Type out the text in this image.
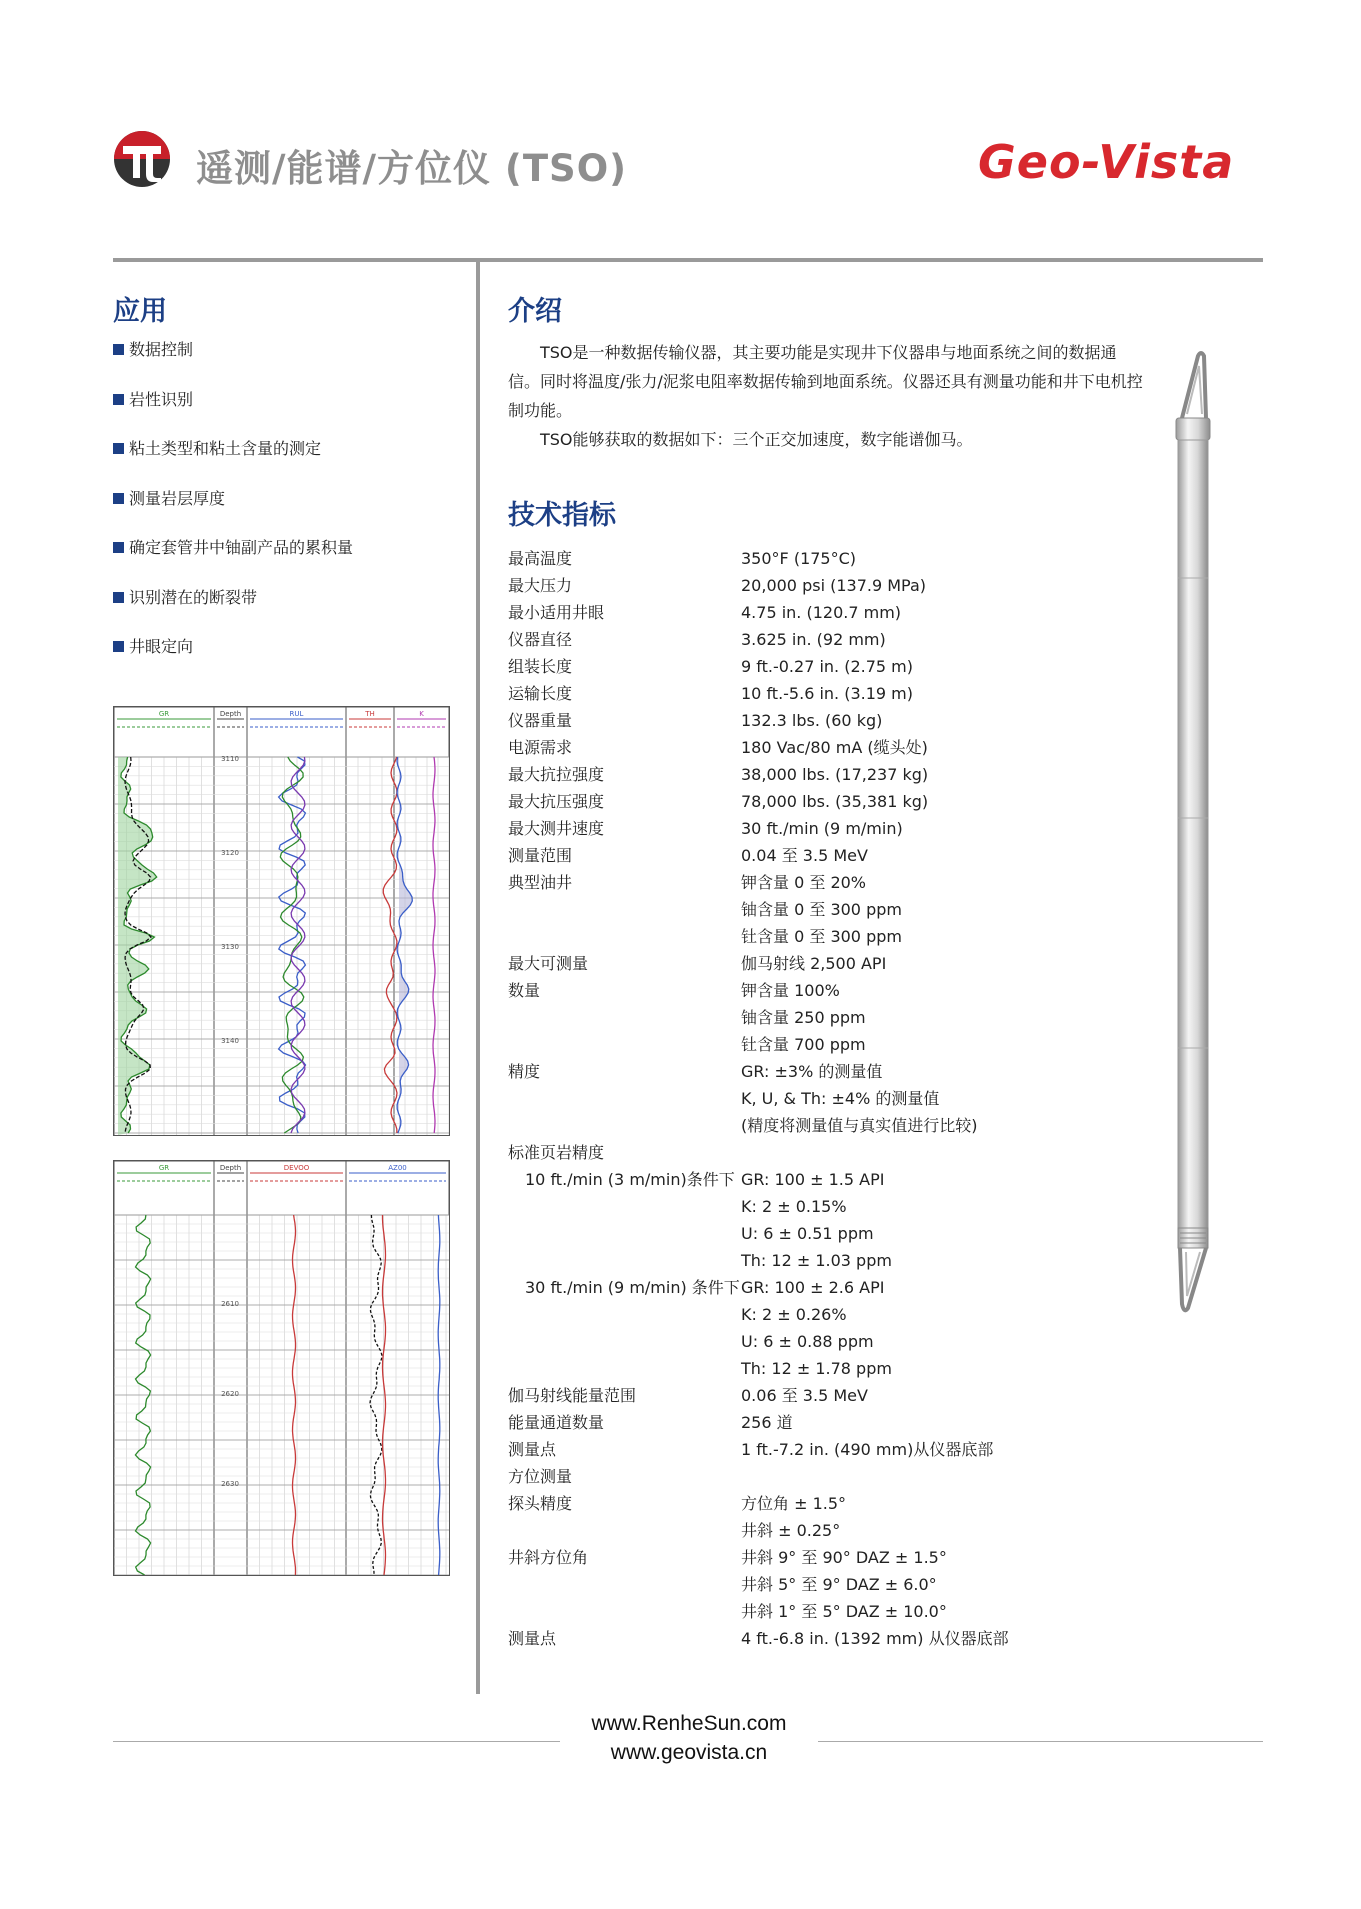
遥测/能谱/方位仪 (TSO)	Geo-Vista
应用
数据控制
岩性识别
粘土类型和粘土含量的测定
测量岩层厚度
确定套管井中铀副产品的累积量
识别潜在的断裂带
井眼定向
GR	Depth	RUL	TH	K
3110
3120
3130
3140
GR	Depth	DEVOO	AZ00
2610
2620
2630
介绍

TSO是一种数据传输仪器，其主要功能是实现井下仪器串与地面系统之间的数据通信。同时将温度/张力/泥浆电阻率数据传输到地面系统。仪器还具有测量功能和井下电机控制功能。

TSO能够获取的数据如下：三个正交加速度，数字能谱伽马。

技术指标
最高温度	350°F (175°C)
最大压力	20,000 psi (137.9 MPa)
最小适用井眼	4.75 in. (120.7 mm)
仪器直径	3.625 in. (92 mm)
组装长度	9 ft.-0.27 in. (2.75 m)
运输长度	10 ft.-5.6 in. (3.19 m)
仪器重量	132.3 lbs. (60 kg)
电源需求	180 Vac/80 mA (缆头处)
最大抗拉强度	38,000 lbs. (17,237 kg)
最大抗压强度	78,000 lbs. (35,381 kg)
最大测井速度	30 ft./min (9 m/min)
测量范围	0.04 至 3.5 MeV
典型油井	钾含量 0 至 20%
铀含量 0 至 300 ppm
钍含量 0 至 300 ppm
最大可测量	伽马射线 2,500 API
数量	钾含量 100%
铀含量 250 ppm
钍含量 700 ppm
精度	GR: ±3% 的测量值
K, U, & Th: ±4% 的测量值
(精度将测量值与真实值进行比较)
标准页岩精度
10 ft./min (3 m/min)条件下 GR: 100 ± 1.5 API
K: 2 ± 0.15%
U: 6 ± 0.51 ppm
Th: 12 ± 1.03 ppm
30 ft./min (9 m/min) 条件下 GR: 100 ± 2.6 API
K: 2 ± 0.26%
U: 6 ± 0.88 ppm
Th: 12 ± 1.78 ppm
伽马射线能量范围	0.06 至 3.5 MeV
能量通道数量	256 道
测量点	1 ft.-7.2 in. (490 mm)从仪器底部
方位测量
探头精度	方位角 ± 1.5°
井斜 ± 0.25°
井斜方位角	井斜 9° 至 90° DAZ ± 1.5°
井斜 5° 至 9° DAZ ± 6.0°
井斜 1° 至 5° DAZ ± 10.0°
测量点	4 ft.-6.8 in. (1392 mm) 从仪器底部
www.RenheSun.com
www.geovista.cn
